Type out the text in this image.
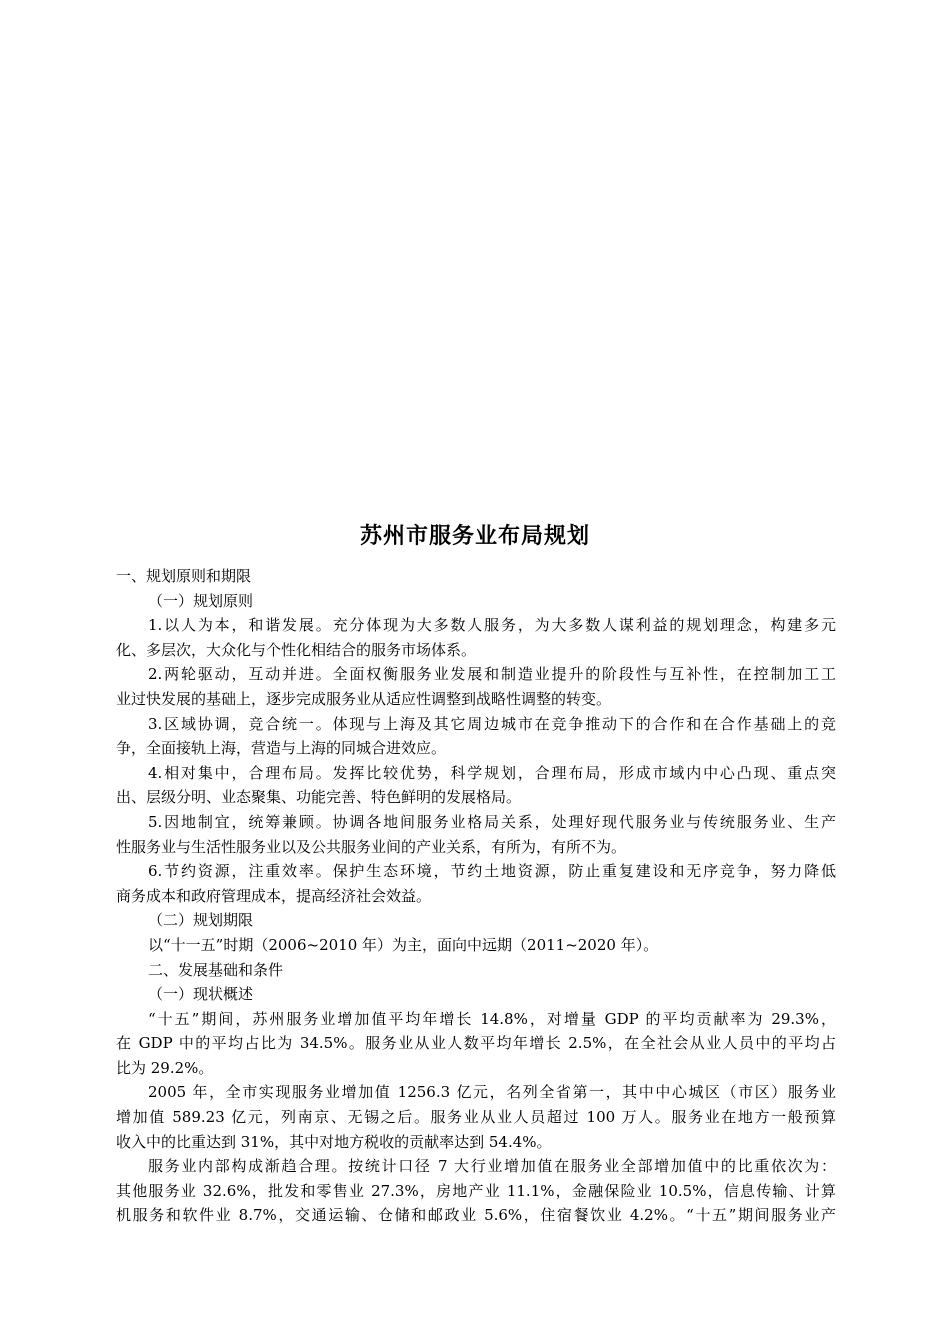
苏州市服务业布局规划
一、规划原则和期限
（一）规划原则
1.以人为本，和谐发展。充分体现为大多数人服务，为大多数人谋利益的规划理念，构建多元
化、多层次，大众化与个性化相结合的服务市场体系。
2.两轮驱动，互动并进。全面权衡服务业发展和制造业提升的阶段性与互补性，在控制加工工
业过快发展的基础上，逐步完成服务业从适应性调整到战略性调整的转变。
3.区域协调，竞合统一。体现与上海及其它周边城市在竞争推动下的合作和在合作基础上的竞
争，全面接轨上海，营造与上海的同城合进效应。
4.相对集中，合理布局。发挥比较优势，科学规划，合理布局，形成市域内中心凸现、重点突
出、层级分明、业态聚集、功能完善、特色鲜明的发展格局。
5.因地制宜，统筹兼顾。协调各地间服务业格局关系，处理好现代服务业与传统服务业、生产
性服务业与生活性服务业以及公共服务业间的产业关系，有所为，有所不为。
6.节约资源，注重效率。保护生态环境，节约土地资源，防止重复建设和无序竞争，努力降低
商务成本和政府管理成本，提高经济社会效益。
（二）规划期限
以“十一五”时期（2006~2010 年）为主，面向中远期（2011~2020 年）。
二、发展基础和条件
（一）现状概述
“十五”期间，苏州服务业增加值平均年增长 14.8%，对增量 GDP 的平均贡献率为 29.3%，
在 GDP 中的平均占比为 34.5%。服务业从业人数平均年增长 2.5%，在全社会从业人员中的平均占
比为 29.2%。
2005 年，全市实现服务业增加值 1256.3 亿元，名列全省第一，其中中心城区（市区）服务业
增加值 589.23 亿元，列南京、无锡之后。服务业从业人员超过 100 万人。服务业在地方一般预算
收入中的比重达到 31%，其中对地方税收的贡献率达到 54.4%。
服务业内部构成渐趋合理。按统计口径 7 大行业增加值在服务业全部增加值中的比重依次为：
其他服务业 32.6%，批发和零售业 27.3%，房地产业 11.1%，金融保险业 10.5%，信息传输、计算
机服务和软件业 8.7%，交通运输、仓储和邮政业 5.6%，住宿餐饮业 4.2%。“十五”期间服务业产
